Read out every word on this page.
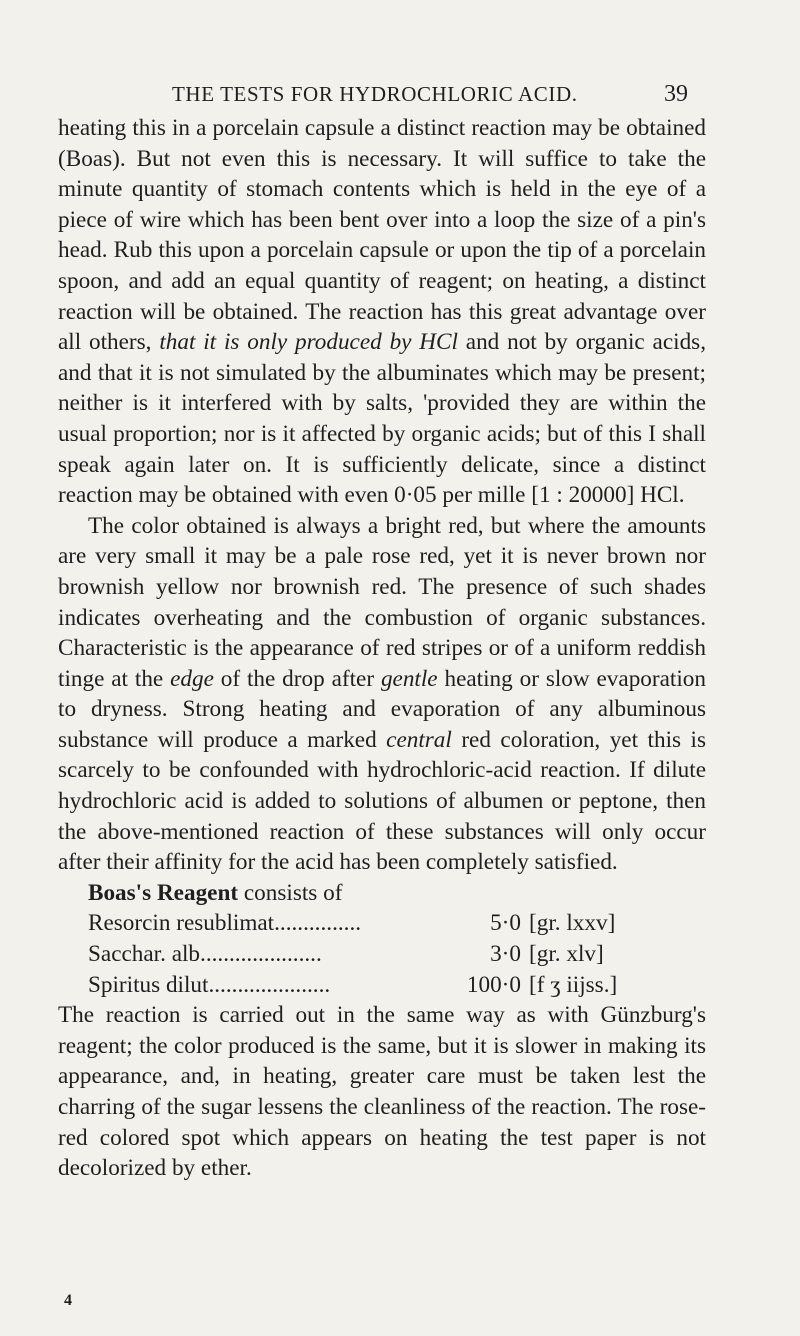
THE TESTS FOR HYDROCHLORIC ACID.	39

heating this in a porcelain capsule a distinct reaction may be obtained (Boas). But not even this is necessary. It will suffice to take the minute quantity of stomach contents which is held in the eye of a piece of wire which has been bent over into a loop the size of a pin's head. Rub this upon a porcelain capsule or upon the tip of a porcelain spoon, and add an equal quantity of reagent; on heating, a distinct reaction will be obtained. The reaction has this great advantage over all others, that it is only produced by HCl and not by organic acids, and that it is not simulated by the albuminates which may be present; neither is it interfered with by salts, 'provided they are within the usual proportion; nor is it affected by organic acids; but of this I shall speak again later on. It is sufficiently delicate, since a distinct reaction may be obtained with even 0·05 per mille [1 : 20000] HCl.

The color obtained is always a bright red, but where the amounts are very small it may be a pale rose red, yet it is never brown nor brownish yellow nor brownish red. The presence of such shades indicates overheating and the combustion of organic substances. Characteristic is the appearance of red stripes or of a uniform reddish tinge at the edge of the drop after gentle heating or slow evaporation to dryness. Strong heating and evaporation of any albuminous substance will produce a marked central red coloration, yet this is scarcely to be confounded with hydrochloric-acid reaction. If dilute hydrochloric acid is added to solutions of albumen or peptone, then the above-mentioned reaction of these substances will only occur after their affinity for the acid has been completely satisfied.

Boas's Reagent consists of

Resorcin resublimat...............	5·0 [gr. lxxv]
Sacchar. alb.....................	3·0 [gr. xlv]
Spiritus dilut.....................	100·0 [f ʒ iijss.]

The reaction is carried out in the same way as with Günzburg's reagent; the color produced is the same, but it is slower in making its appearance, and, in heating, greater care must be taken lest the charring of the sugar lessens the cleanliness of the reaction. The rose-red colored spot which appears on heating the test paper is not decolorized by ether.

4
